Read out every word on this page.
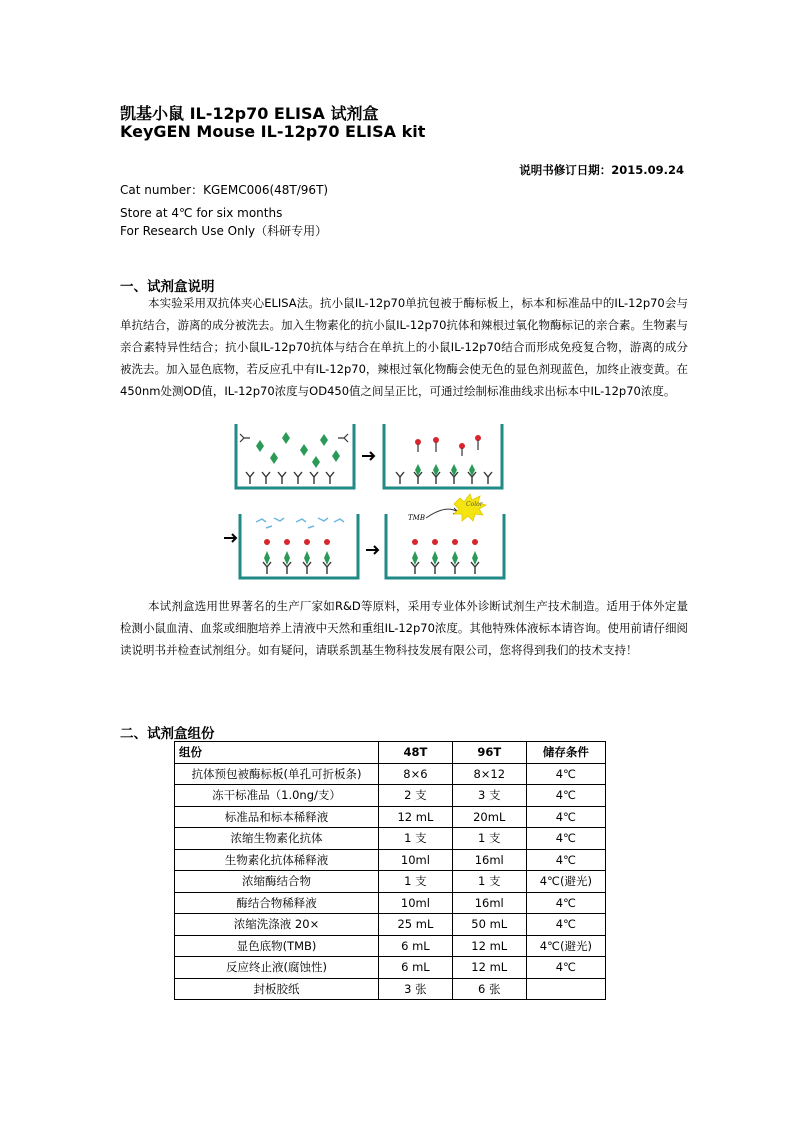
凯基小鼠 IL-12p70 ELISA 试剂盒
KeyGEN Mouse IL-12p70 ELISA kit
说明书修订日期：2015.09.24
Cat number：KGEMC006(48T/96T)
Store at 4℃ for six months
For Research Use Only（科研专用）
一、试剂盒说明

本实验采用双抗体夹心ELISA法。抗小鼠IL-12p70单抗包被于酶标板上，标本和标准品中的IL-12p70会与单抗结合，游离的成分被洗去。加入生物素化的抗小鼠IL-12p70抗体和辣根过氧化物酶标记的亲合素。生物素与亲合素特异性结合；抗小鼠IL-12p70抗体与结合在单抗上的小鼠IL-12p70结合而形成免疫复合物，游离的成分被洗去。加入显色底物，若反应孔中有IL-12p70，辣根过氧化物酶会使无色的显色剂现蓝色，加终止液变黄。在450nm处测OD值，IL-12p70浓度与OD450值之间呈正比，可通过绘制标准曲线求出标本中IL-12p70浓度。

TMB
Color

本试剂盒选用世界著名的生产厂家如R&D等原料，采用专业体外诊断试剂生产技术制造。适用于体外定量检测小鼠血清、血浆或细胞培养上清液中天然和重组IL-12p70浓度。其他特殊体液标本请咨询。使用前请仔细阅读说明书并检查试剂组分。如有疑问，请联系凯基生物科技发展有限公司，您将得到我们的技术支持！

二、试剂盒组份
组份	48T	96T	储存条件
抗体预包被酶标板(单孔可折板条)	8×6	8×12	4℃
冻干标准品（1.0ng/支）	2 支	3 支	4℃
标准品和标本稀释液	12 mL	20mL	4℃
浓缩生物素化抗体	1 支	1 支	4℃
生物素化抗体稀释液	10ml	16ml	4℃
浓缩酶结合物	1 支	1 支	4℃(避光)
酶结合物稀释液	10ml	16ml	4℃
浓缩洗涤液 20×	25 mL	50 mL	4℃
显色底物(TMB)	6 mL	12 mL	4℃(避光)
反应终止液(腐蚀性)	6 mL	12 mL	4℃
封板胶纸	3 张	6 张	
